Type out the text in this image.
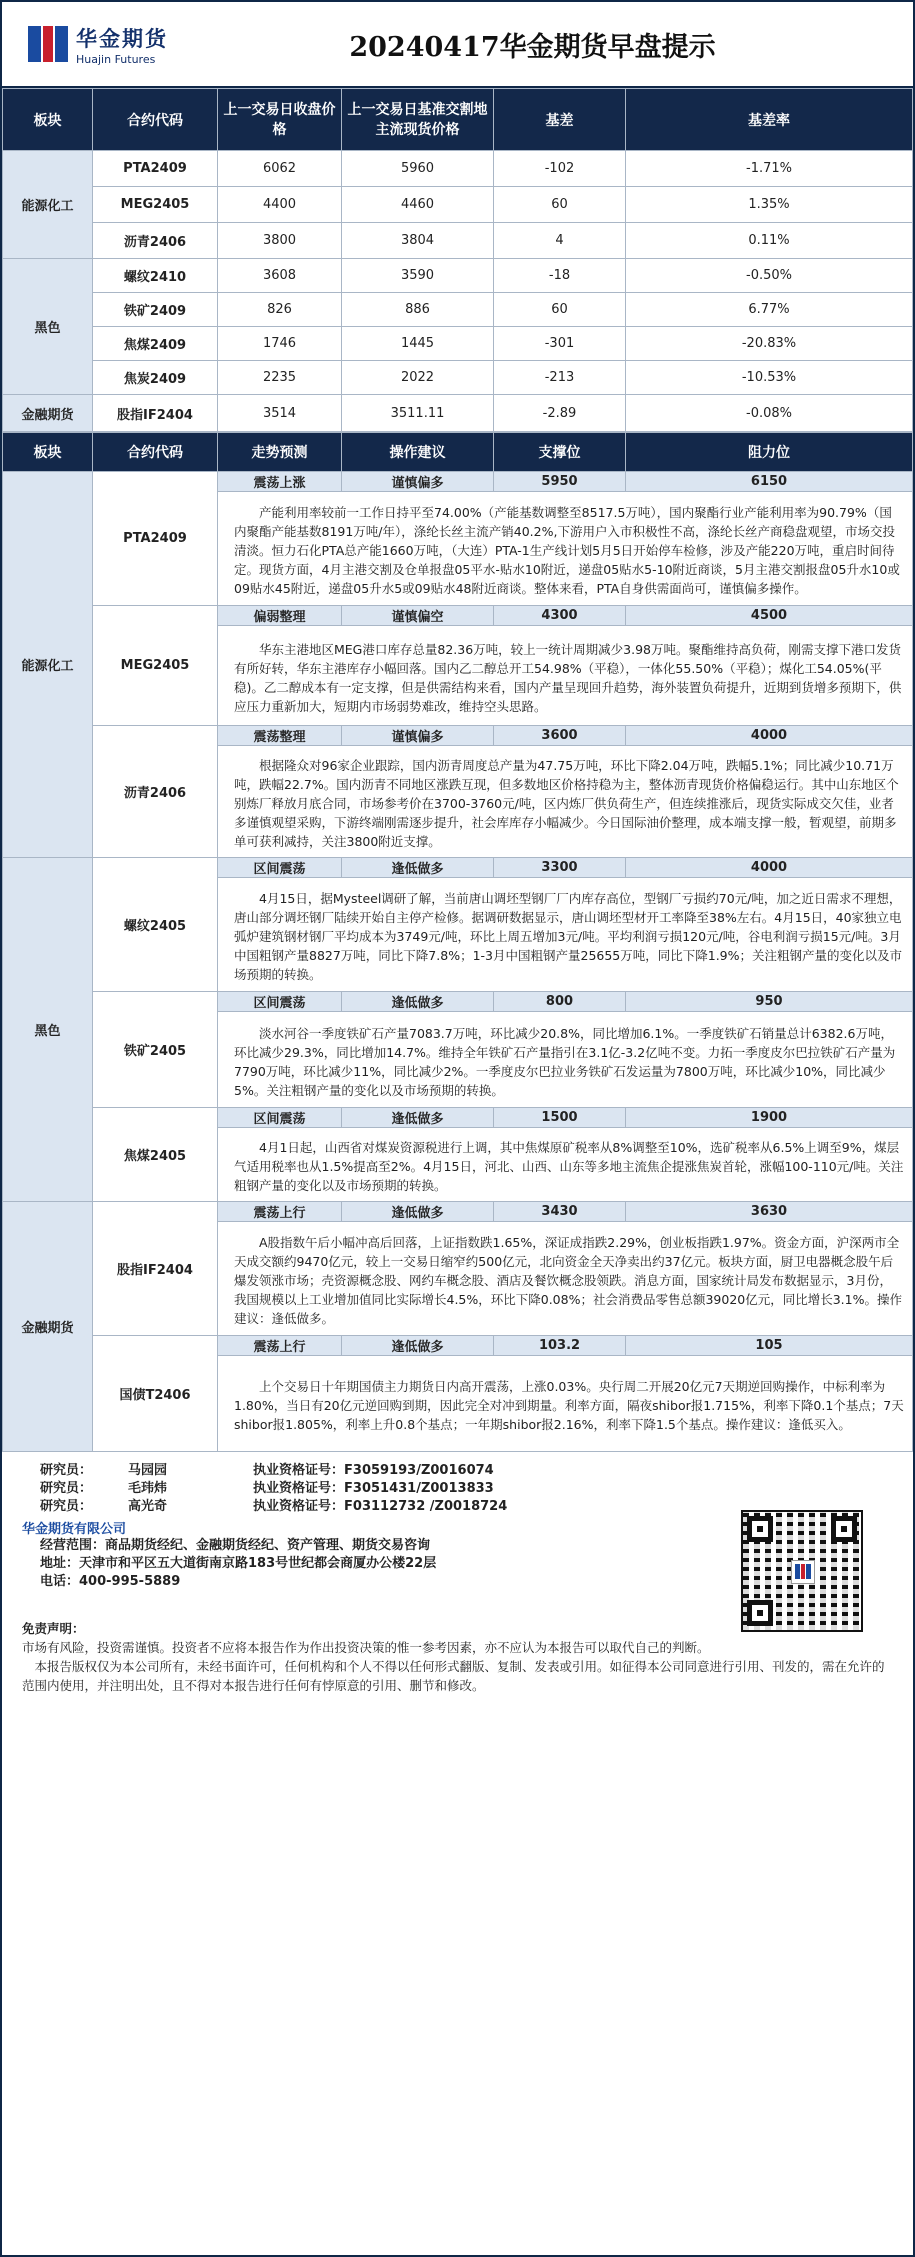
华金期货
Huajin Futures	20240417华金期货早盘提示
板块	合约代码	上一交易日收盘价格	上一交易日基准交割地主流现货价格	基差	基差率
能源化工	PTA2409	6062	5960	-102	-1.71%
	MEG2405	4400	4460	60	1.35%
	沥青2406	3800	3804	4	0.11%
黑色	螺纹2410	3608	3590	-18	-0.50%
	铁矿2409	826	886	60	6.77%
	焦煤2409	1746	1445	-301	-20.83%
	焦炭2409	2235	2022	-213	-10.53%
金融期货	股指IF2404	3514	3511.11	-2.89	-0.08%
板块	合约代码	走势预测	操作建议	支撑位	阻力位
能源化工	PTA2409	震荡上涨	谨慎偏多	5950	6150
		产能利用率较前一工作日持平至74.00%（产能基数调整至8517.5万吨），国内聚酯行业产能利用率为90.79%（国内聚酯产能基数8191万吨/年），涤纶长丝主流产销40.2%,下游用户入市积极性不高，涤纶长丝产商稳盘观望，市场交投清淡。恒力石化PTA总产能1660万吨，（大连）PTA-1生产线计划5月5日开始停车检修，涉及产能220万吨，重启时间待定。现货方面，4月主港交割及仓单报盘05平水-贴水10附近，递盘05贴水5-10附近商谈，5月主港交割报盘05升水10或09贴水45附近，递盘05升水5或09贴水48附近商谈。整体来看，PTA自身供需面尚可，谨慎偏多操作。			
	MEG2405	偏弱整理	谨慎偏空	4300	4500
		华东主港地区MEG港口库存总量82.36万吨，较上一统计周期减少3.98万吨。聚酯维持高负荷，刚需支撑下港口发货有所好转，华东主港库存小幅回落。国内乙二醇总开工54.98%（平稳），一体化55.50%（平稳）；煤化工54.05%(平稳)。乙二醇成本有一定支撑，但是供需结构来看，国内产量呈现回升趋势，海外装置负荷提升，近期到货增多预期下，供应压力重新加大，短期内市场弱势难改，维持空头思路。			
	沥青2406	震荡整理	谨慎偏多	3600	4000
		根据隆众对96家企业跟踪，国内沥青周度总产量为47.75万吨，环比下降2.04万吨，跌幅5.1%；同比减少10.71万吨，跌幅22.7%。国内沥青不同地区涨跌互现，但多数地区价格持稳为主，整体沥青现货价格偏稳运行。其中山东地区个别炼厂释放月底合同，市场参考价在3700-3760元/吨，区内炼厂供负荷生产，但连续推涨后，现货实际成交欠佳，业者多谨慎观望采购，下游终端刚需逐步提升，社会库库存小幅减少。今日国际油价整理，成本端支撑一般，暂观望，前期多单可获利减持，关注3800附近支撑。			
黑色	螺纹2405	区间震荡	逢低做多	3300	4000
		4月15日，据Mysteel调研了解，当前唐山调坯型钢厂厂内库存高位，型钢厂亏损约70元/吨，加之近日需求不理想，唐山部分调坯钢厂陆续开始自主停产检修。据调研数据显示，唐山调坯型材开工率降至38%左右。4月15日，40家独立电弧炉建筑钢材钢厂平均成本为3749元/吨，环比上周五增加3元/吨。平均利润亏损120元/吨，谷电利润亏损15元/吨。3月中国粗钢产量8827万吨，同比下降7.8%；1-3月中国粗钢产量25655万吨，同比下降1.9%；关注粗钢产量的变化以及市场预期的转换。			
	铁矿2405	区间震荡	逢低做多	800	950
		淡水河谷一季度铁矿石产量7083.7万吨，环比减少20.8%，同比增加6.1%。一季度铁矿石销量总计6382.6万吨，环比减少29.3%，同比增加14.7%。维持全年铁矿石产量指引在3.1亿-3.2亿吨不变。力拓一季度皮尔巴拉铁矿石产量为7790万吨，环比减少11%，同比减少2%。一季度皮尔巴拉业务铁矿石发运量为7800万吨，环比减少10%，同比减少5%。关注粗钢产量的变化以及市场预期的转换。			
	焦煤2405	区间震荡	逢低做多	1500	1900
		4月1日起，山西省对煤炭资源税进行上调，其中焦煤原矿税率从8%调整至10%，选矿税率从6.5%上调至9%，煤层气适用税率也从1.5%提高至2%。4月15日，河北、山西、山东等多地主流焦企提涨焦炭首轮，涨幅100-110元/吨。关注粗钢产量的变化以及市场预期的转换。			
金融期货	股指IF2404	震荡上行	逢低做多	3430	3630
		A股指数午后小幅冲高后回落，上证指数跌1.65%，深证成指跌2.29%，创业板指跌1.97%。资金方面，沪深两市全天成交额约9470亿元，较上一交易日缩窄约500亿元，北向资金全天净卖出约37亿元。板块方面，厨卫电器概念股午后爆发领涨市场；壳资源概念股、网约车概念股、酒店及餐饮概念股领跌。消息方面，国家统计局发布数据显示，3月份，我国规模以上工业增加值同比实际增长4.5%，环比下降0.08%；社会消费品零售总额39020亿元，同比增长3.1%。操作建议：逢低做多。			
	国债T2406	震荡上行	逢低做多	103.2	105
		上个交易日十年期国债主力期货日内高开震荡，上涨0.03%。央行周二开展20亿元7天期逆回购操作，中标利率为1.80%，当日有20亿元逆回购到期，因此完全对冲到期量。利率方面，隔夜shibor报1.715%，利率下降0.1个基点；7天shibor报1.805%，利率上升0.8个基点；一年期shibor报2.16%，利率下降1.5个基点。操作建议：逢低买入。			
研究员：	马园园	执业资格证号：F3059193/Z0016074
研究员：	毛玮炜	执业资格证号：F3051431/Z0013833
研究员：	高光奇	执业资格证号：F03112732 /Z0018724
华金期货有限公司
经营范围：商品期货经纪、金融期货经纪、资产管理、期货交易咨询
地址：天津市和平区五大道街南京路183号世纪都会商厦办公楼22层
电话：400-995-5889
免责声明：
市场有风险，投资需谨慎。投资者不应将本报告作为作出投资决策的惟一参考因素，亦不应认为本报告可以取代自己的判断。
本报告版权仅为本公司所有，未经书面许可，任何机构和个人不得以任何形式翻版、复制、发表或引用。如征得本公司同意进行引用、刊发的，需在允许的范围内使用，并注明出处，且不得对本报告进行任何有悖原意的引用、删节和修改。
